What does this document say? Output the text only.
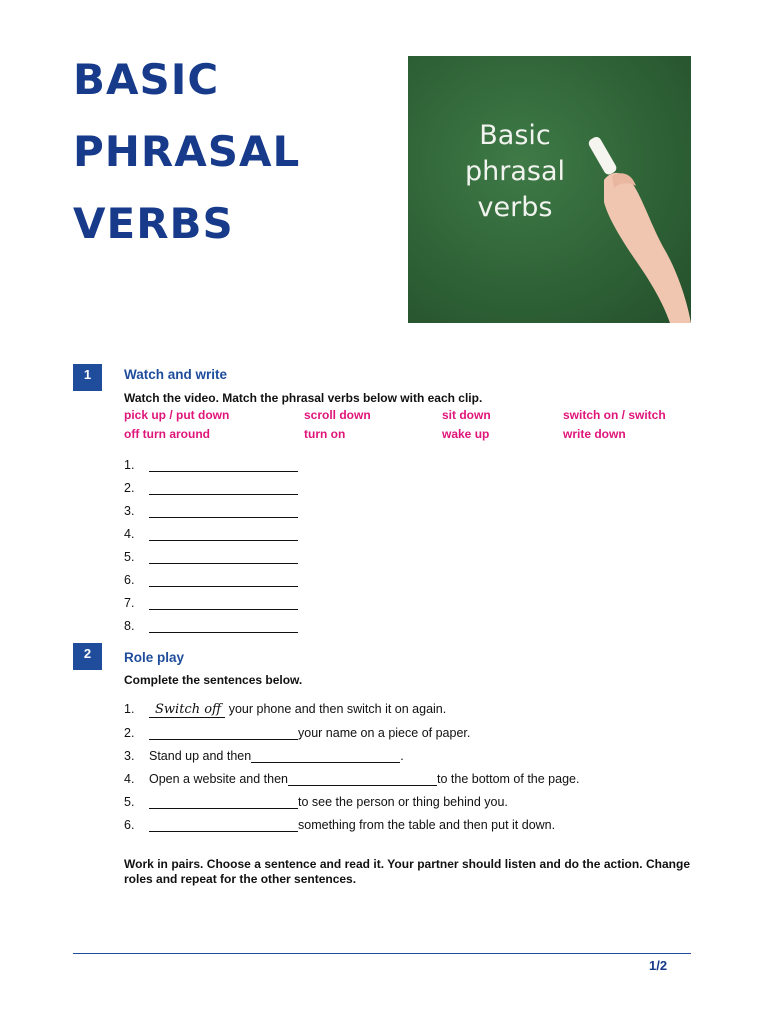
BASIC
PHRASAL
VERBS
Basic
phrasal
verbs
1	Watch and write
Watch the video. Match the phrasal verbs below with each clip.
pick up / put down	scroll down	sit down	switch on / switch
off turn around	turn on	wake up	write down
1.
2.
3.
4.
5.
6.
7.
8.
2	Role play
Complete the sentences below.
1. Switch off your phone and then switch it on again.
2.	your name on a piece of paper.
3. Stand up and then	.
4. Open a website and then	to the bottom of the page.
5.	to see the person or thing behind you.
6.	something from the table and then put it down.
Work in pairs. Choose a sentence and read it. Your partner should listen and do the action. Change roles and repeat for the other sentences.
1/2
